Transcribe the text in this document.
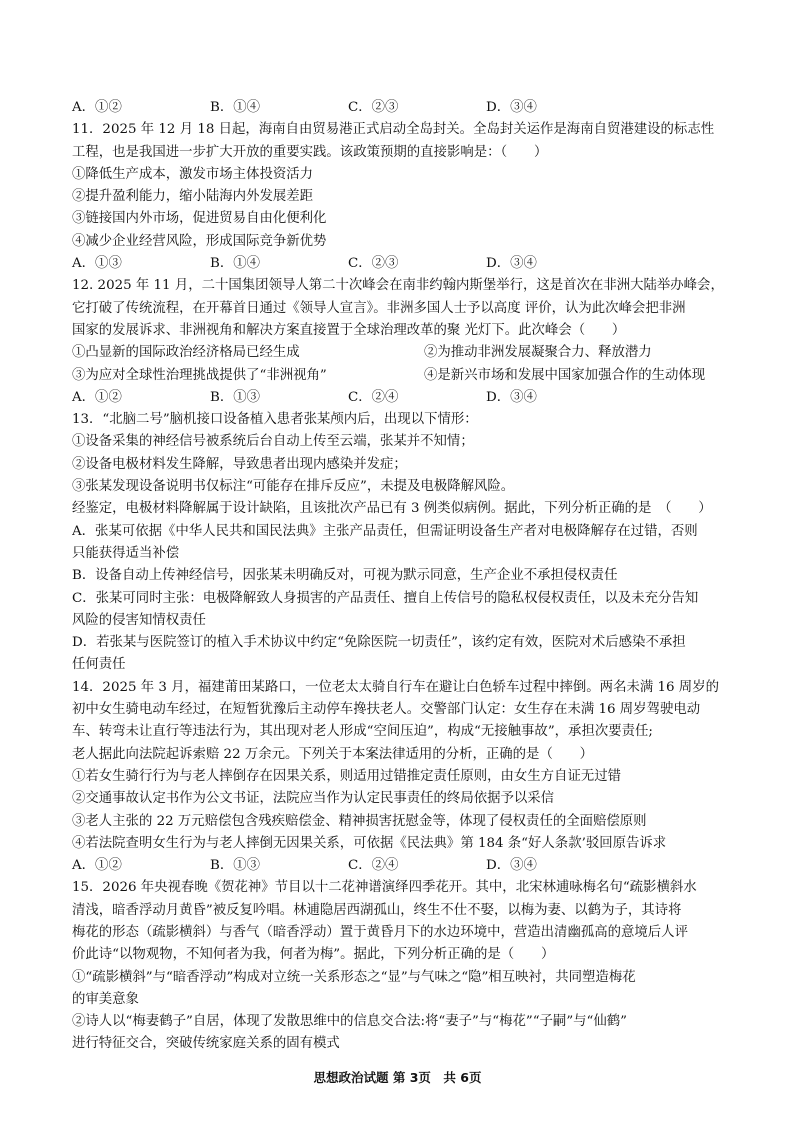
A．①②	B．①④	C．②③	D．③④
11．2025 年 12 月 18 日起，海南自由贸易港正式启动全岛封关。全岛封关运作是海南自贸港建设的标志性
工程，也是我国进一步扩大开放的重要实践。该政策预期的直接影响是：（　　）
①降低生产成本，激发市场主体投资活力
②提升盈利能力，缩小陆海内外发展差距
③链接国内外市场，促进贸易自由化便利化
④减少企业经营风险，形成国际竞争新优势
A．①③	B．①④	C．②③	D．③④
12. 2025 年 11 月，二十国集团领导人第二十次峰会在南非约翰内斯堡举行，这是首次在非洲大陆举办峰会，
它打破了传统流程，在开幕首日通过《领导人宣言》。非洲多国人士予以高度 评价，认为此次峰会把非洲
国家的发展诉求、非洲视角和解决方案直接置于全球治理改革的聚 光灯下。此次峰会（　　）
①凸显新的国际政治经济格局已经生成	②为推动非洲发展凝聚合力、释放潜力
③为应对全球性治理挑战提供了“非洲视角”	④是新兴市场和发展中国家加强合作的生动体现
A．①②	B．①③	C．②④	D．③④
13．“北脑二号”脑机接口设备植入患者张某颅内后，出现以下情形：
①设备采集的神经信号被系统后台自动上传至云端，张某并不知情；
②设备电极材料发生降解，导致患者出现内感染并发症；
③张某发现设备说明书仅标注“可能存在排斥反应”，未提及电极降解风险。
经鉴定，电极材料降解属于设计缺陷，且该批次产品已有 3 例类似病例。据此，下列分析正确的是　（　　）
A．张某可依据《中华人民共和国民法典》主张产品责任，但需证明设备生产者对电极降解存在过错，否则
只能获得适当补偿
B．设备自动上传神经信号，因张某未明确反对，可视为默示同意，生产企业不承担侵权责任
C．张某可同时主张：电极降解致人身损害的产品责任、擅自上传信号的隐私权侵权责任，以及未充分告知
风险的侵害知情权责任
D．若张某与医院签订的植入手术协议中约定“免除医院一切责任”，该约定有效，医院对术后感染不承担
任何责任
14．2025 年 3 月，福建莆田某路口，一位老太太骑自行车在避让白色轿车过程中摔倒。两名未满 16 周岁的
初中女生骑电动车经过，在短暂犹豫后主动停车搀扶老人。交警部门认定：女生存在未满 16 周岁驾驶电动
车、转弯未让直行等违法行为，其出现对老人形成“空间压迫”，构成“无接触事故”，承担次要责任;
老人据此向法院起诉索赔 22 万余元。下列关于本案法律适用的分析，正确的是（　　）
①若女生骑行行为与老人摔倒存在因果关系，则适用过错推定责任原则，由女生方自证无过错
②交通事故认定书作为公文书证，法院应当作为认定民事责任的终局依据予以采信
③老人主张的 22 万元赔偿包含残疾赔偿金、精神损害抚慰金等，体现了侵权责任的全面赔偿原则
④若法院查明女生行为与老人摔倒无因果关系，可依据《民法典》第 184 条“好人条款’驳回原告诉求
A．①②	B．①③	C．②④	D．③④
15．2026 年央视春晚《贺花神》节目以十二花神谱演绎四季花开。其中，北宋林逋咏梅名句“疏影横斜水
清浅，暗香浮动月黄昏”被反复吟唱。林逋隐居西湖孤山，终生不仕不娶，以梅为妻、以鹤为子，其诗将
梅花的形态（疏影横斜）与香气（暗香浮动）置于黄昏月下的水边环境中，营造出清幽孤高的意境后人评
价此诗“以物观物，不知何者为我，何者为梅”。据此，下列分析正确的是（　　）
①“疏影横斜”与“暗香浮动”构成对立统一关系形态之“显”与气味之“隐”相互映衬，共同塑造梅花
的审美意象
②诗人以“梅妻鹤子”自居，体现了发散思维中的信息交合法:将“妻子”与“梅花”“子嗣”与“仙鹤”
进行特征交合，突破传统家庭关系的固有模式
思想政治试题 第 3页　共 6页
